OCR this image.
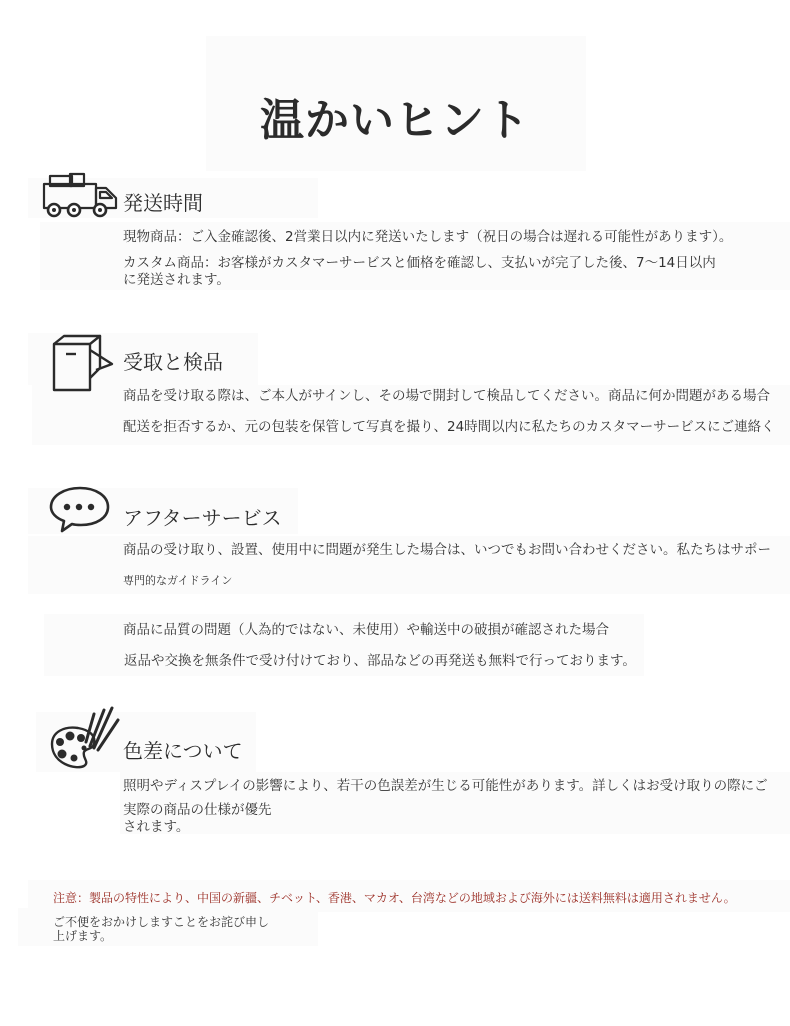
温かいヒント
発送時間
現物商品：ご入金確認後、2営業日以内に発送いたします（祝日の場合は遅れる可能性があります）。
カスタム商品：お客様がカスタマーサービスと価格を確認し、支払いが完了した後、7〜14日以内に発送されます。
受取と検品
商品を受け取る際は、ご本人がサインし、その場で開封して検品してください。商品に何か問題がある場合
配送を拒否するか、元の包装を保管して写真を撮り、24時間以内に私たちのカスタマーサービスにご連絡く
アフターサービス
商品の受け取り、設置、使用中に問題が発生した場合は、いつでもお問い合わせください。私たちはサポー
専門的なガイドライン
商品に品質の問題（人為的ではない、未使用）や輸送中の破損が確認された場合
返品や交換を無条件で受け付けており、部品などの再発送も無料で行っております。
色差について
照明やディスプレイの影響により、若干の色誤差が生じる可能性があります。詳しくはお受け取りの際にご
実際の商品の仕様が優先されます。
注意：製品の特性により、中国の新疆、チベット、香港、マカオ、台湾などの地域および海外には送料無料は適用されません。
ご不便をおかけしますことをお詫び申し上げます。
